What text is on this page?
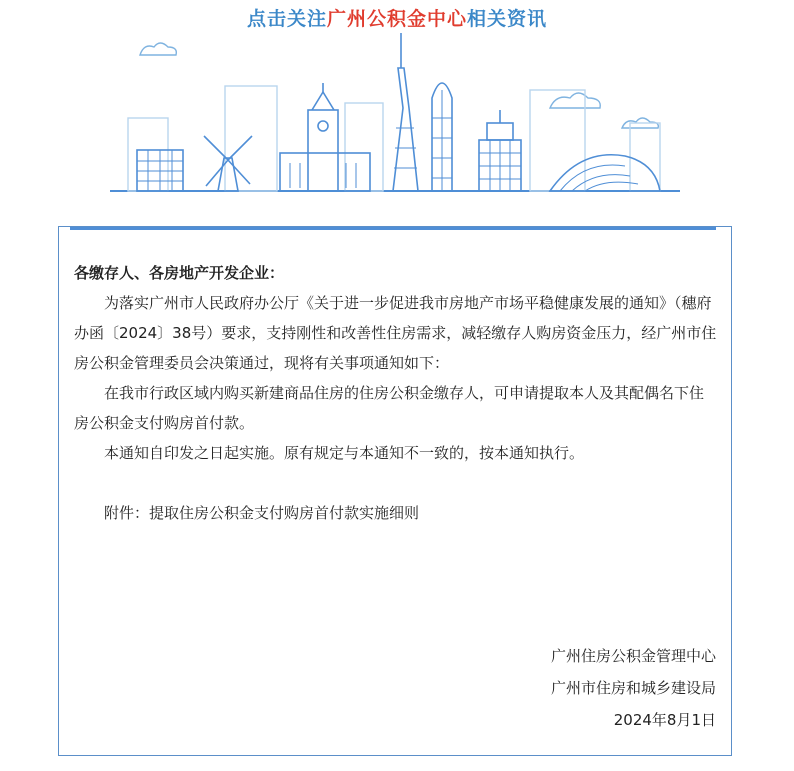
点击关注广州公积金中心相关资讯

各缴存人、各房地产开发企业：

为落实广州市人民政府办公厅《关于进一步促进我市房地产市场平稳健康发展的通知》（穗府办函〔2024〕38号）要求，支持刚性和改善性住房需求，减轻缴存人购房资金压力，经广州市住房公积金管理委员会决策通过，现将有关事项通知如下：

在我市行政区域内购买新建商品住房的住房公积金缴存人，可申请提取本人及其配偶名下住房公积金支付购房首付款。

本通知自印发之日起实施。原有规定与本通知不一致的，按本通知执行。

附件：提取住房公积金支付购房首付款实施细则

广州住房公积金管理中心
广州市住房和城乡建设局
2024年8月1日
